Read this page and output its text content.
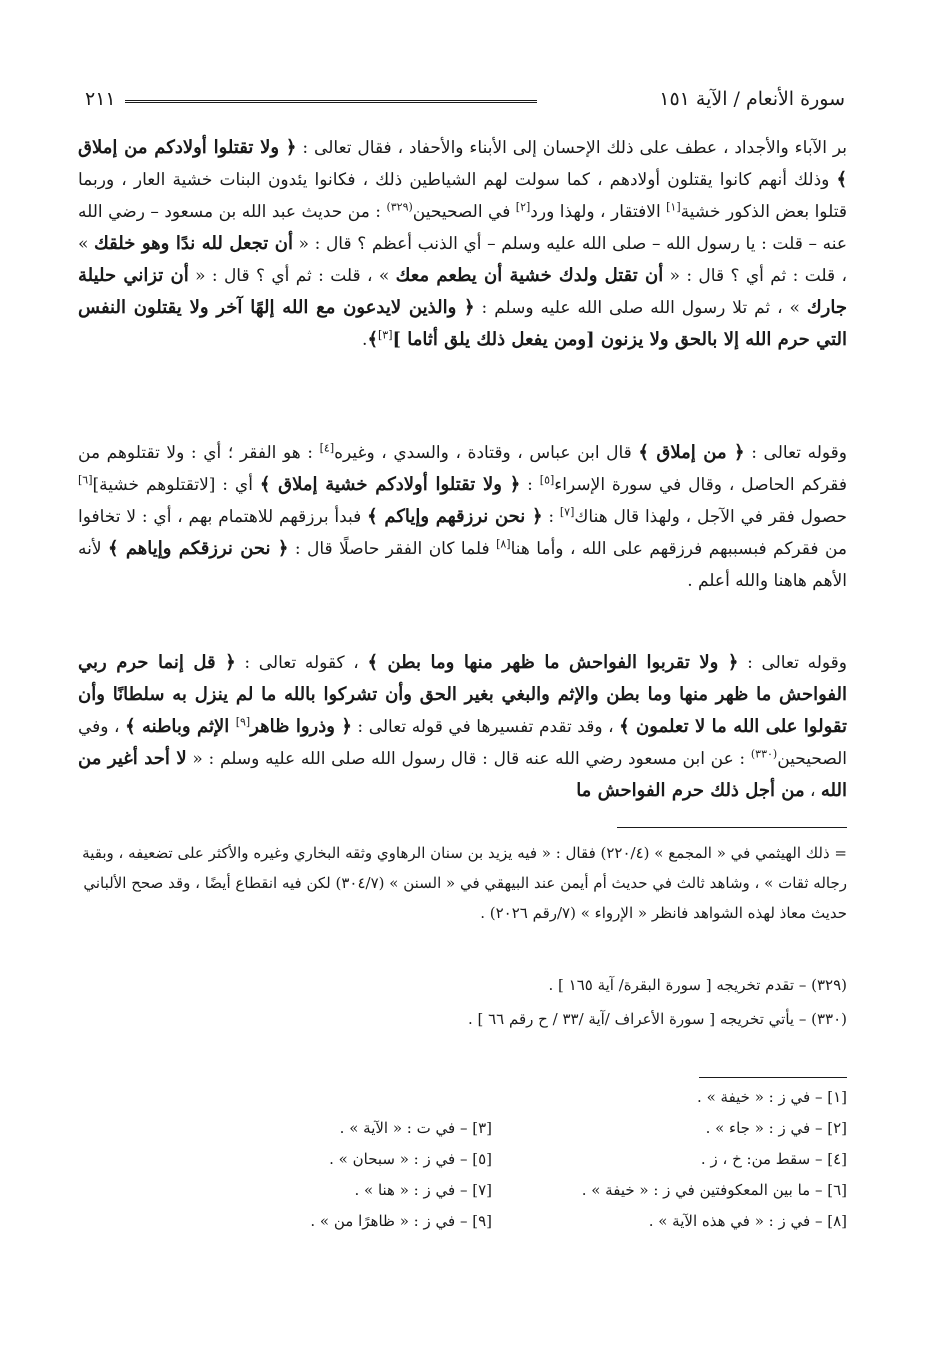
سورة الأنعام / الآية ١٥١
٢١١

بر الآباء والأجداد ، عطف على ذلك الإحسان إلى الأبناء والأحفاد ، فقال تعالى : ﴿ ولا تقتلوا أولادكم من إملاق ﴾ وذلك أنهم كانوا يقتلون أولادهم ، كما سولت لهم الشياطين ذلك ، فكانوا يئدون البنات خشية العار ، وربما قتلوا بعض الذكور خشية[١] الافتقار ، ولهذا ورد[٢] في الصحيحين$^{(٣٢٩)}$ : من حديث عبد الله بن مسعود – رضي الله عنه – قلت : يا رسول الله – صلى الله عليه وسلم – أي الذنب أعظم ؟ قال : « أن تجعل لله ندًا وهو خلقك » ، قلت : ثم أي ؟ قال : « أن تقتل ولدك خشية أن يطعم معك » ، قلت : ثم أي ؟ قال : « أن تزاني حليلة جارك » ، ثم تلا رسول الله صلى الله عليه وسلم : ﴿ والذين لايدعون مع الله إلهًا آخر ولا يقتلون النفس التي حرم الله إلا بالحق ولا يزنون [ومن يفعل ذلك يلق أثاما ][٣]﴾.

وقوله تعالى : ﴿ من إملاق ﴾ قال ابن عباس ، وقتادة ، والسدي ، وغيره[٤] : هو الفقر ؛ أي : ولا تقتلوهم من فقركم الحاصل ، وقال في سورة الإسراء[٥] : ﴿ ولا تقتلوا أولادكم خشية إملاق ﴾ أي : [لاتقتلوهم خشية][٦] حصول فقر في الآجل ، ولهذا قال هناك[٧] : ﴿ نحن نرزقهم وإياكم ﴾ فبدأ برزقهم للاهتمام بهم ، أي : لا تخافوا من فقركم فبسببهم فرزقهم على الله ، وأما هنا[٨] فلما كان الفقر حاصلًا قال : ﴿ نحن نرزقكم وإياهم ﴾ لأنه الأهم هاهنا والله أعلم .

وقوله تعالى : ﴿ ولا تقربوا الفواحش ما ظهر منها وما بطن ﴾ ، كقوله تعالى : ﴿ قل إنما حرم ربي الفواحش ما ظهر منها وما بطن والإثم والبغي بغير الحق وأن تشركوا بالله ما لم ينزل به سلطانًا وأن تقولوا على الله ما لا تعلمون ﴾ ، وقد تقدم تفسيرها في قوله تعالى : ﴿ وذروا ظاهر[٩] الإثم وباطنه ﴾ ، وفي الصحيحين$^{(٣٣٠)}$ : عن ابن مسعود رضي الله عنه قال : قال رسول الله صلى الله عليه وسلم : « لا أحد أغير من الله ، من أجل ذلك حرم الفواحش ما

= ذلك الهيثمي في « المجمع » (٢٢٠/٤) فقال : « فيه يزيد بن سنان الرهاوي وثقه البخاري وغيره والأكثر على تضعيفه ، وبقية رجاله ثقات » ، وشاهد ثالث في حديث أم أيمن عند البيهقي في « السنن » (٣٠٤/٧) لكن فيه انقطاع أيضًا ، وقد صحح الألباني حديث معاذ لهذه الشواهد فانظر « الإرواء » (٧/رقم ٢٠٢٦) .
(٣٢٩) – تقدم تخريجه [ سورة البقرة/ آية ١٦٥ ] .
(٣٣٠) – يأتي تخريجه [ سورة الأعراف /آية /٣٣ / ح رقم ٦٦ ] .
[١] – في ز : « خيفة » .
[٢] – في ز : « جاء » .
[٣] – في ت : « الآية » .
[٤] – سقط من: خ ، ز .
[٥] – في ز : « سبحان » .
[٦] – ما بين المعكوفتين في ز : « خيفة » .
[٧] – في ز : « هنا » .
[٨] – في ز : « في هذه الآية » .
[٩] – في ز : « ظاهرًا من » .
